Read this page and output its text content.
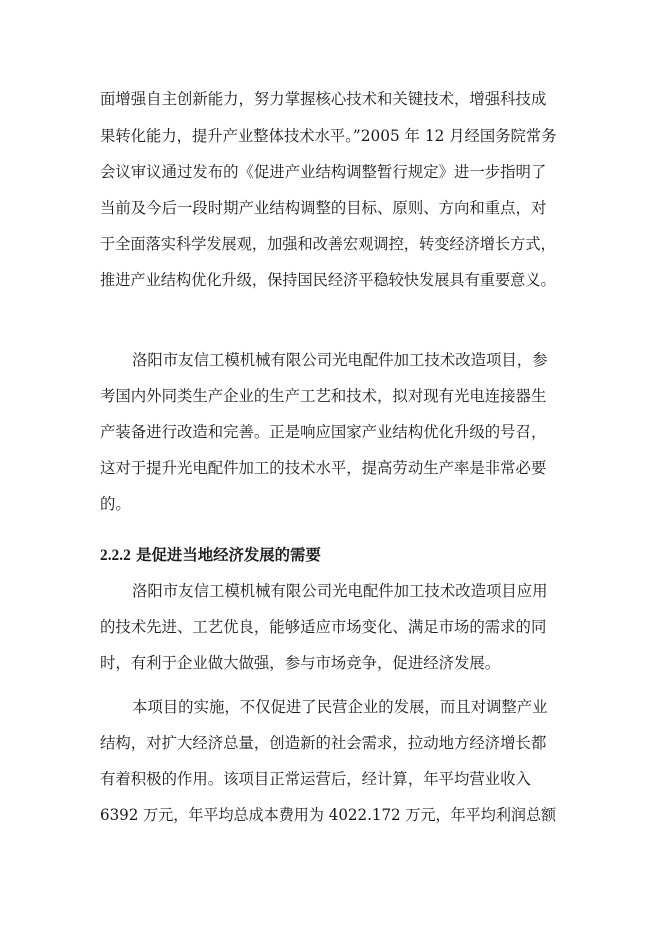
面增强自主创新能力，努力掌握核心技术和关键技术，增强科技成
果转化能力，提升产业整体技术水平。”2005 年 12 月经国务院常务
会议审议通过发布的《促进产业结构调整暂行规定》进一步指明了
当前及今后一段时期产业结构调整的目标、原则、方向和重点，对
于全面落实科学发展观，加强和改善宏观调控，转变经济增长方式，
推进产业结构优化升级，保持国民经济平稳较快发展具有重要意义。
洛阳市友信工模机械有限公司光电配件加工技术改造项目，参
考国内外同类生产企业的生产工艺和技术，拟对现有光电连接器生
产装备进行改造和完善。正是响应国家产业结构优化升级的号召，
这对于提升光电配件加工的技术水平，提高劳动生产率是非常必要
的。
2.2.2 是促进当地经济发展的需要
洛阳市友信工模机械有限公司光电配件加工技术改造项目应用
的技术先进、工艺优良，能够适应市场变化、满足市场的需求的同
时，有利于企业做大做强，参与市场竞争，促进经济发展。
本项目的实施，不仅促进了民营企业的发展，而且对调整产业
结构，对扩大经济总量，创造新的社会需求，拉动地方经济增长都
有着积极的作用。该项目正常运营后，经计算，年平均营业收入
6392 万元，年平均总成本费用为 4022.172 万元，年平均利润总额
